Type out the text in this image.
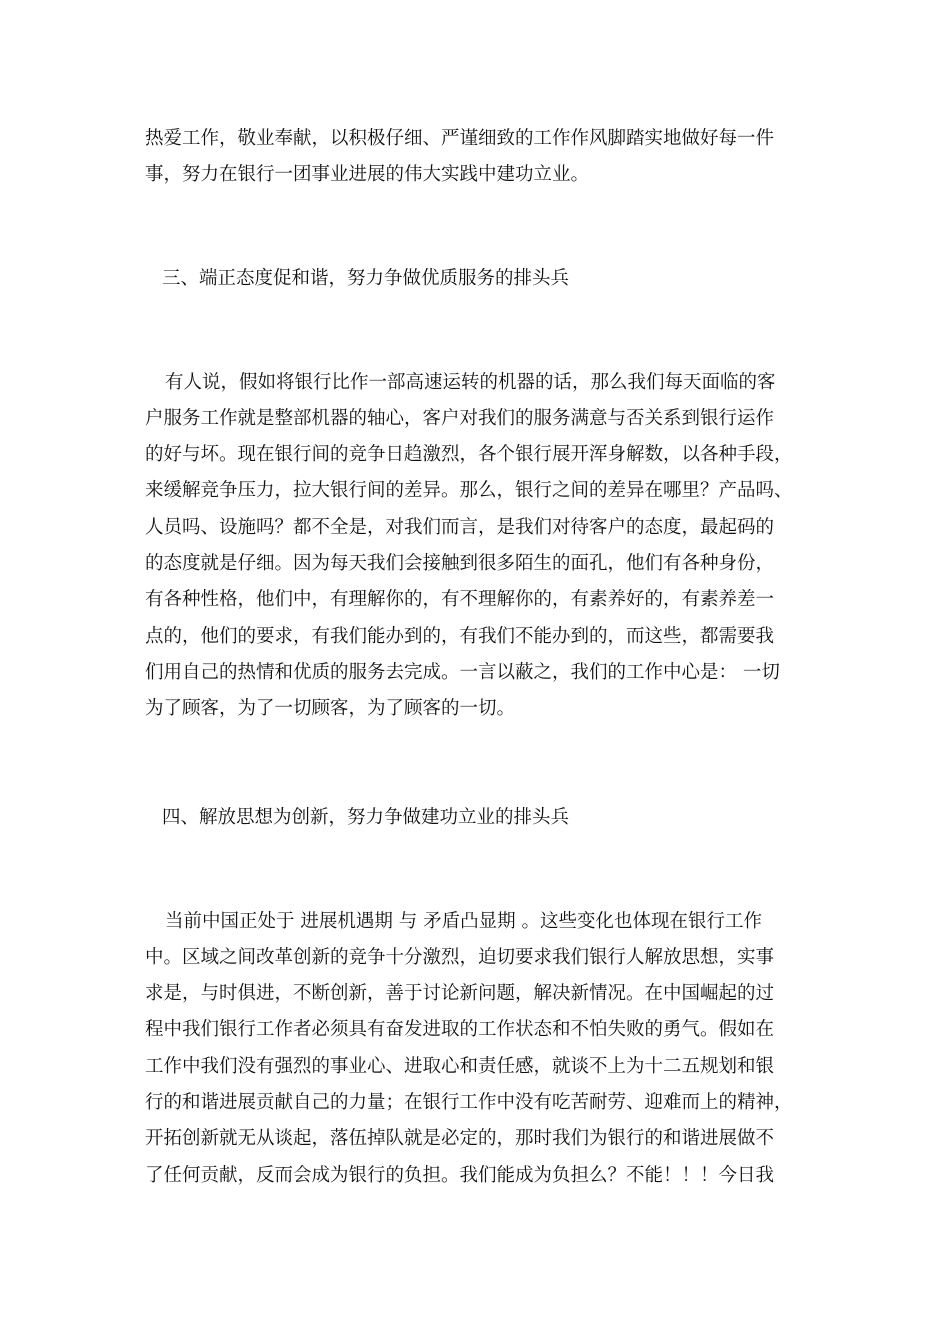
热爱工作，敬业奉献，以积极仔细、严谨细致的工作作风脚踏实地做好每一件
事，努力在银行一团事业进展的伟大实践中建功立业。
三、端正态度促和谐，努力争做优质服务的排头兵
有人说，假如将银行比作一部高速运转的机器的话，那么我们每天面临的客
户服务工作就是整部机器的轴心，客户对我们的服务满意与否关系到银行运作
的好与坏。现在银行间的竞争日趋激烈，各个银行展开浑身解数，以各种手段，
来缓解竞争压力，拉大银行间的差异。那么，银行之间的差异在哪里？产品吗、
人员吗、设施吗？都不全是，对我们而言，是我们对待客户的态度，最起码的
的态度就是仔细。因为每天我们会接触到很多陌生的面孔，他们有各种身份，
有各种性格，他们中，有理解你的，有不理解你的，有素养好的，有素养差一
点的，他们的要求，有我们能办到的，有我们不能办到的，而这些，都需要我
们用自己的热情和优质的服务去完成。一言以蔽之，我们的工作中心是： 一切
为了顾客，为了一切顾客，为了顾客的一切。
四、解放思想为创新，努力争做建功立业的排头兵
当前中国正处于 进展机遇期 与 矛盾凸显期 。这些变化也体现在银行工作
中。区域之间改革创新的竞争十分激烈，迫切要求我们银行人解放思想，实事
求是，与时俱进，不断创新，善于讨论新问题，解决新情况。在中国崛起的过
程中我们银行工作者必须具有奋发进取的工作状态和不怕失败的勇气。假如在
工作中我们没有强烈的事业心、进取心和责任感，就谈不上为十二五规划和银
行的和谐进展贡献自己的力量；在银行工作中没有吃苦耐劳、迎难而上的精神，
开拓创新就无从谈起，落伍掉队就是必定的，那时我们为银行的和谐进展做不
了任何贡献，反而会成为银行的负担。我们能成为负担么？不能！！！今日我
